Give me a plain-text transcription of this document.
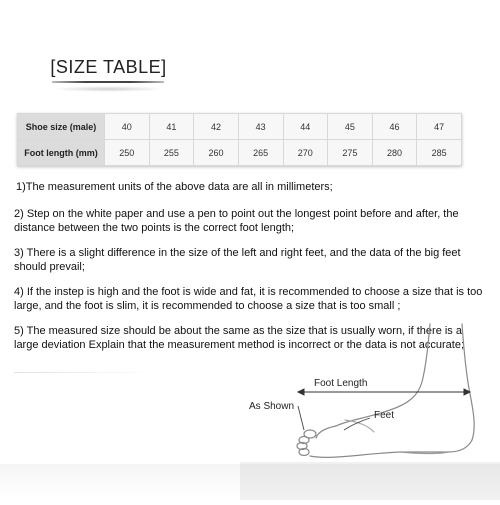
[SIZE TABLE]
Shoe size (male)	40	41	42	43	44	45	46	47
Foot length (mm)	250	255	260	265	270	275	280	285

1)The measurement units of the above data are all in millimeters;

2) Step on the white paper and use a pen to point out the longest point before and after, the distance between the two points is the correct foot length;

3) There is a slight difference in the size of the left and right feet, and the data of the big feet should prevail;

4) If the instep is high and the foot is wide and fat, it is recommended to choose a size that is too large, and the foot is slim, it is recommended to choose a size that is too small ;

5) The measured size should be about the same as the size that is usually worn, if there is a large deviation Explain that the measurement method is incorrect or the data is not accurate;

Foot Length
As Shown
Feet
